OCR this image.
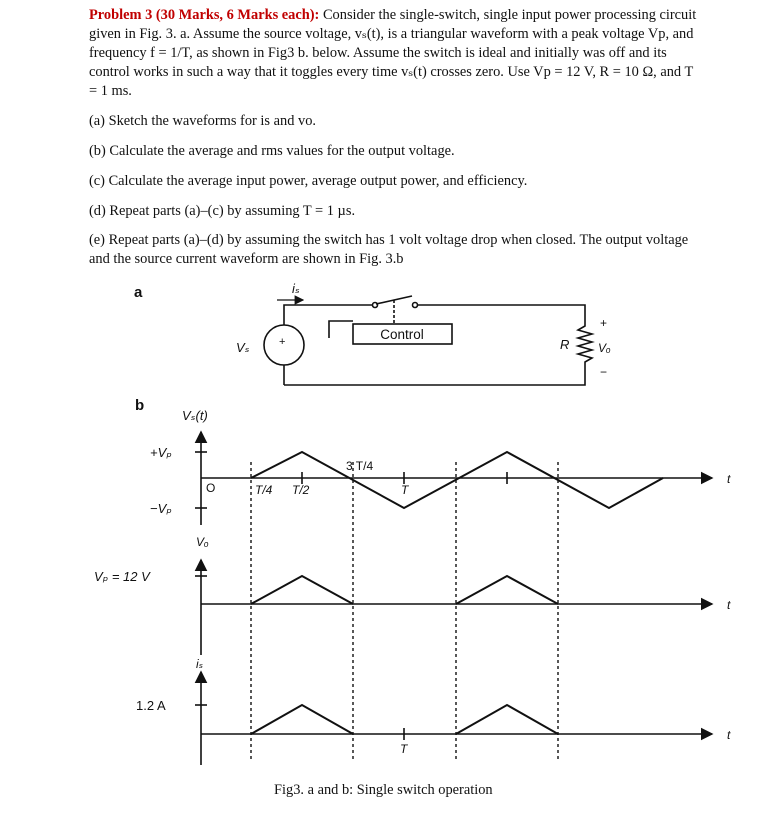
Problem 3 (30 Marks, 6 Marks each): Consider the single-switch, single input power processing circuit given in Fig. 3. a. Assume the source voltage, vₛ(t), is a triangular waveform with a peak voltage Vp, and frequency f = 1/T, as shown in Fig3 b. below. Assume the switch is ideal and initially was off and its control works in such a way that it toggles every time vₛ(t) crosses zero. Use Vp = 12 V, R = 10 Ω, and T = 1 ms.

(a) Sketch the waveforms for is and vo.
(b) Calculate the average and rms values for the output voltage.
(c) Calculate the average input power, average output power, and efficiency.
(d) Repeat parts (a)–(c) by assuming T = 1 µs.
(e) Repeat parts (a)–(d) by assuming the switch has 1 volt voltage drop when closed. The output voltage and the source current waveform are shown in Fig. 3.b
a	iₛ
Vₛ	+	Control
R
+
Vₒ
−
b
Vₛ(t)
+Vₚ
−Vₚ
O	T/4 T/2
3 T/4
T
t
Vₒ
Vₚ = 12 V
t
iₛ
1.2 A
T
t
Fig3. a and b: Single switch operation
